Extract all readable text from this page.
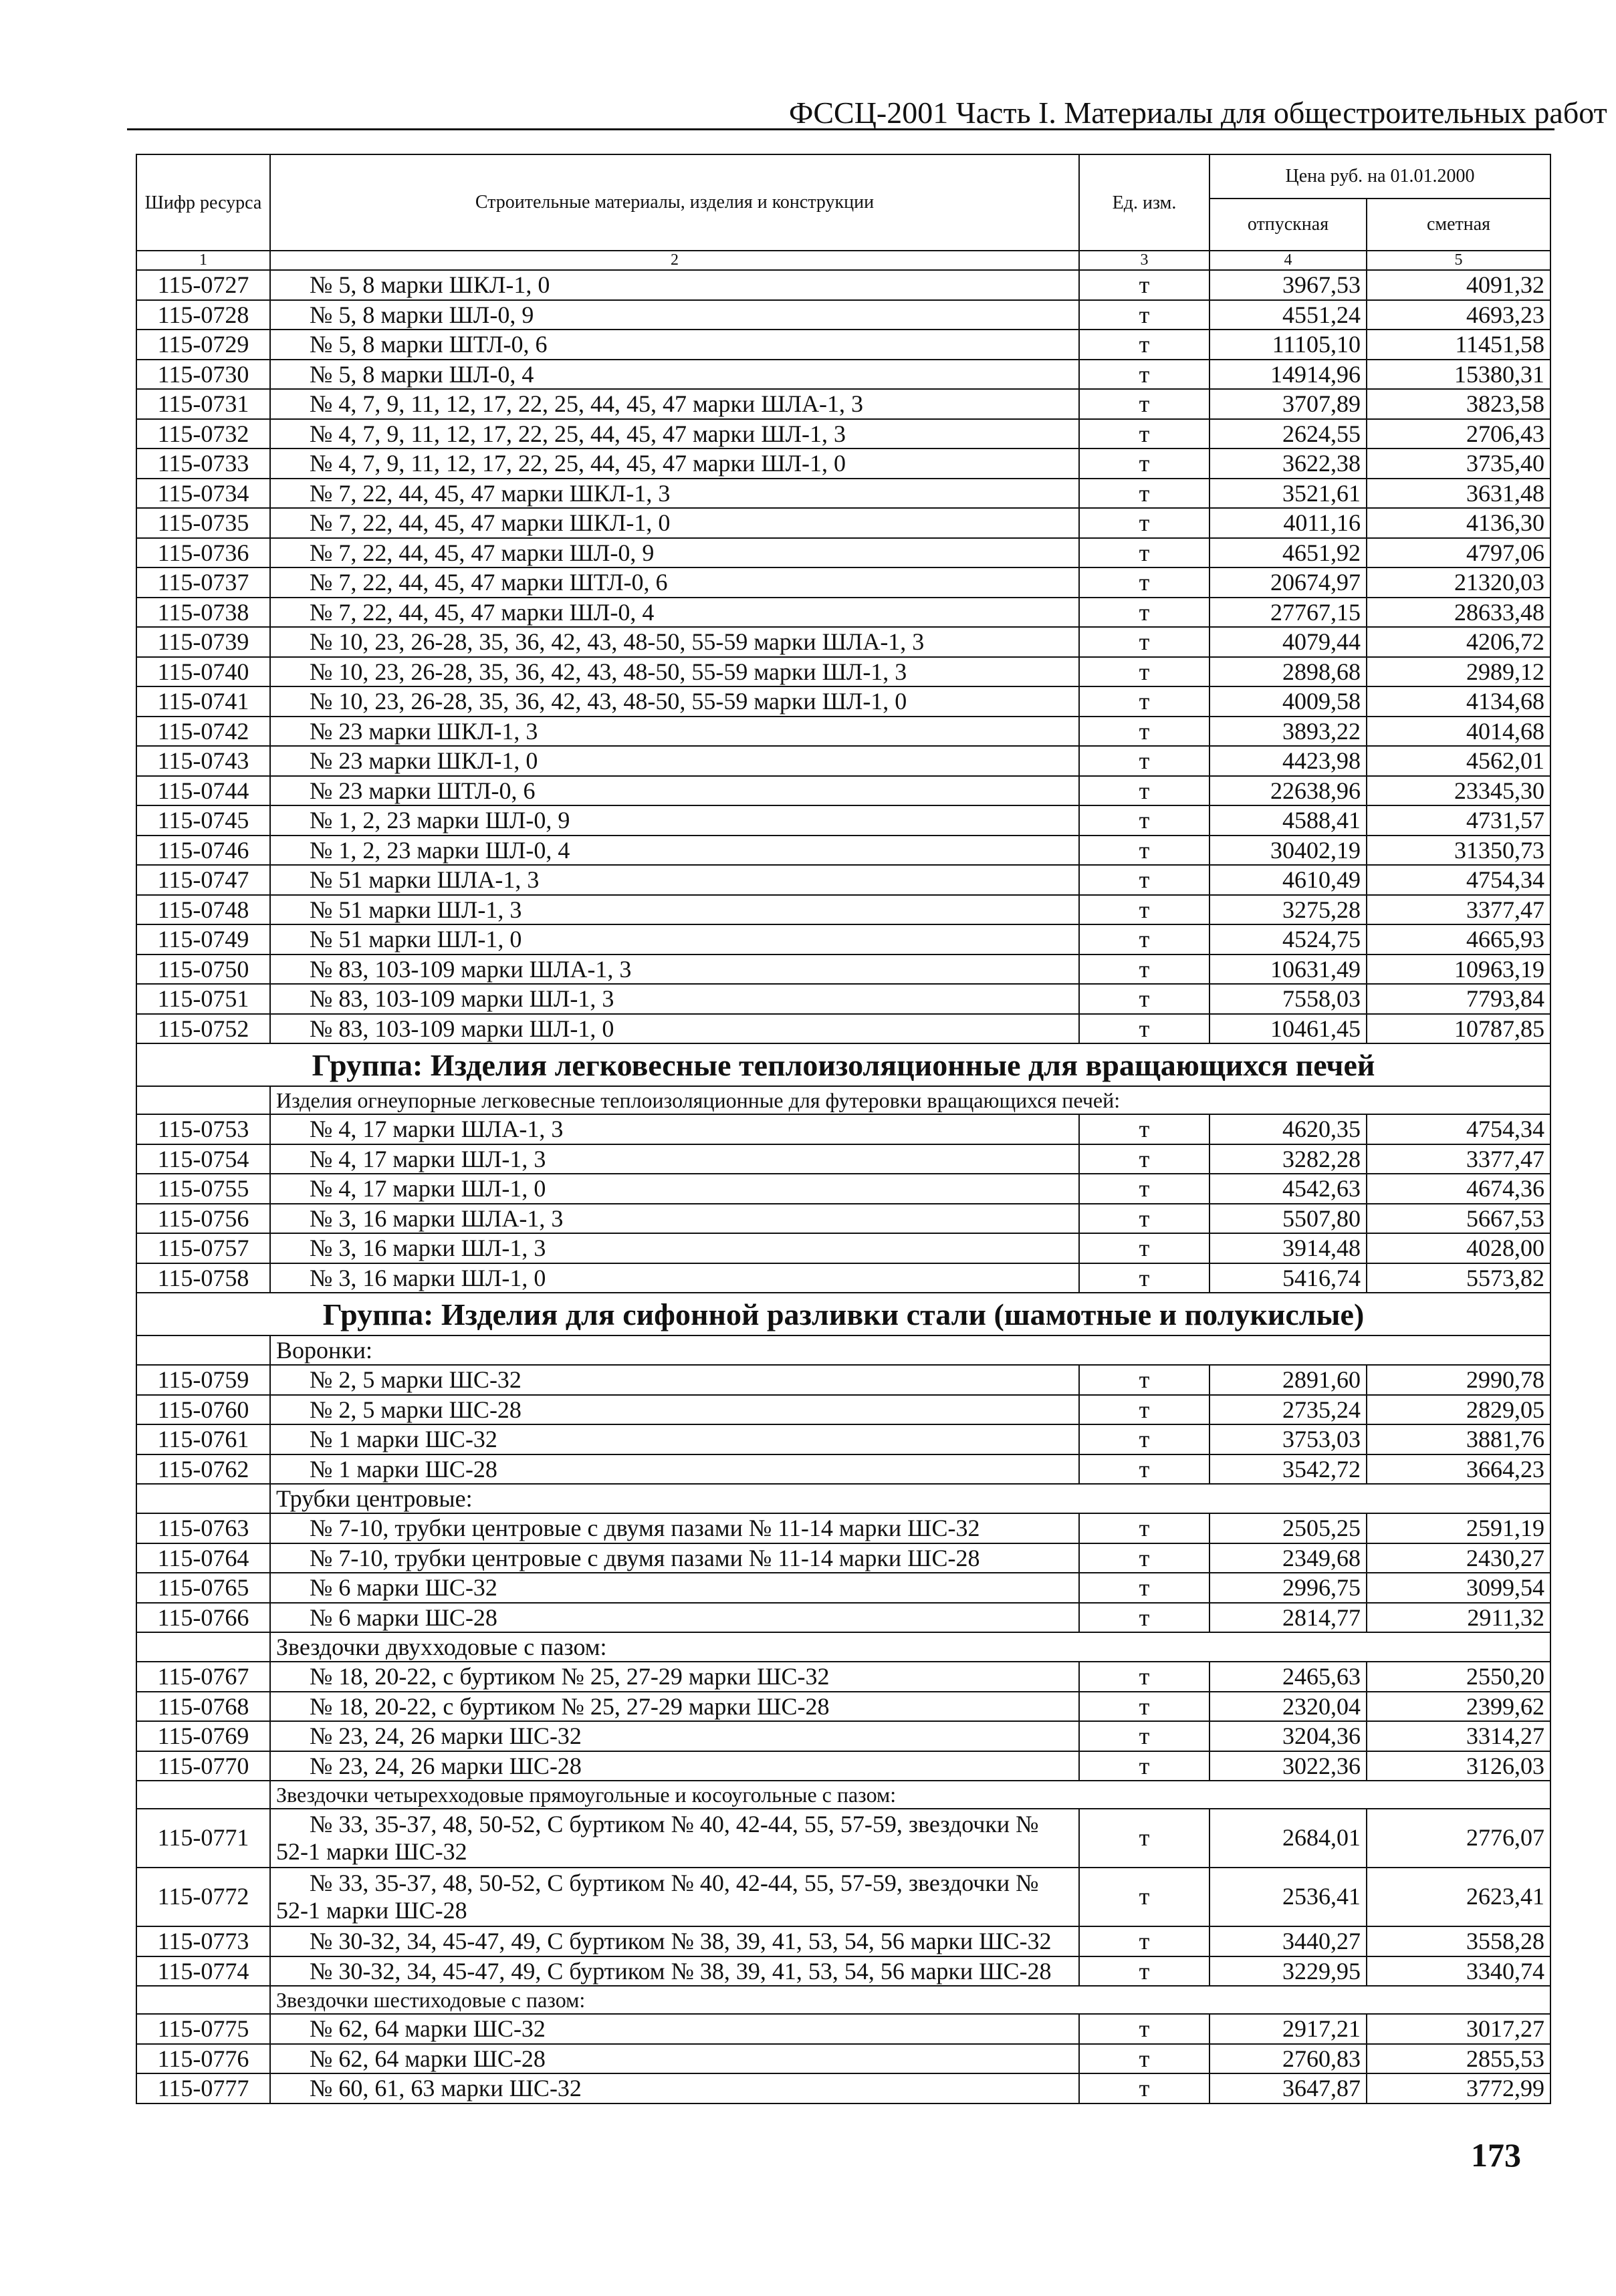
ФССЦ-2001 Часть I. Материалы для общестроительных работ
Шифр ресурса	Строительные материалы, изделия и конструкции	Ед. изм.	Цена руб. на 01.01.2000	
			отпускная	сметная
1	2	3	4	5
115-0727	№ 5, 8 марки ШКЛ-1, 0	т	3967,53	4091,32
115-0728	№ 5, 8 марки ШЛ-0, 9	т	4551,24	4693,23
115-0729	№ 5, 8 марки ШТЛ-0, 6	т	11105,10	11451,58
115-0730	№ 5, 8 марки ШЛ-0, 4	т	14914,96	15380,31
115-0731	№ 4, 7, 9, 11, 12, 17, 22, 25, 44, 45, 47 марки ШЛА-1, 3	т	3707,89	3823,58
115-0732	№ 4, 7, 9, 11, 12, 17, 22, 25, 44, 45, 47 марки ШЛ-1, 3	т	2624,55	2706,43
115-0733	№ 4, 7, 9, 11, 12, 17, 22, 25, 44, 45, 47 марки ШЛ-1, 0	т	3622,38	3735,40
115-0734	№ 7, 22, 44, 45, 47 марки ШКЛ-1, 3	т	3521,61	3631,48
115-0735	№ 7, 22, 44, 45, 47 марки ШКЛ-1, 0	т	4011,16	4136,30
115-0736	№ 7, 22, 44, 45, 47 марки ШЛ-0, 9	т	4651,92	4797,06
115-0737	№ 7, 22, 44, 45, 47 марки ШТЛ-0, 6	т	20674,97	21320,03
115-0738	№ 7, 22, 44, 45, 47 марки ШЛ-0, 4	т	27767,15	28633,48
115-0739	№ 10, 23, 26-28, 35, 36, 42, 43, 48-50, 55-59 марки ШЛА-1, 3	т	4079,44	4206,72
115-0740	№ 10, 23, 26-28, 35, 36, 42, 43, 48-50, 55-59 марки ШЛ-1, 3	т	2898,68	2989,12
115-0741	№ 10, 23, 26-28, 35, 36, 42, 43, 48-50, 55-59 марки ШЛ-1, 0	т	4009,58	4134,68
115-0742	№ 23 марки ШКЛ-1, 3	т	3893,22	4014,68
115-0743	№ 23 марки ШКЛ-1, 0	т	4423,98	4562,01
115-0744	№ 23 марки ШТЛ-0, 6	т	22638,96	23345,30
115-0745	№ 1, 2, 23 марки ШЛ-0, 9	т	4588,41	4731,57
115-0746	№ 1, 2, 23 марки ШЛ-0, 4	т	30402,19	31350,73
115-0747	№ 51 марки ШЛА-1, 3	т	4610,49	4754,34
115-0748	№ 51 марки ШЛ-1, 3	т	3275,28	3377,47
115-0749	№ 51 марки ШЛ-1, 0	т	4524,75	4665,93
115-0750	№ 83, 103-109 марки ШЛА-1, 3	т	10631,49	10963,19
115-0751	№ 83, 103-109 марки ШЛ-1, 3	т	7558,03	7793,84
115-0752	№ 83, 103-109 марки ШЛ-1, 0	т	10461,45	10787,85
Группа: Изделия легковесные теплоизоляционные для вращающихся печей				
	Изделия огнеупорные легковесные теплоизоляционные для футеровки вращающихся печей:			
115-0753	№ 4, 17 марки ШЛА-1, 3	т	4620,35	4754,34
115-0754	№ 4, 17 марки ШЛ-1, 3	т	3282,28	3377,47
115-0755	№ 4, 17 марки ШЛ-1, 0	т	4542,63	4674,36
115-0756	№ 3, 16 марки ШЛА-1, 3	т	5507,80	5667,53
115-0757	№ 3, 16 марки ШЛ-1, 3	т	3914,48	4028,00
115-0758	№ 3, 16 марки ШЛ-1, 0	т	5416,74	5573,82
Группа: Изделия для сифонной разливки стали (шамотные и полукислые)				
	Воронки:			
115-0759	№ 2, 5 марки ШС-32	т	2891,60	2990,78
115-0760	№ 2, 5 марки ШС-28	т	2735,24	2829,05
115-0761	№ 1 марки ШС-32	т	3753,03	3881,76
115-0762	№ 1 марки ШС-28	т	3542,72	3664,23
	Трубки центровые:			
115-0763	№ 7-10, трубки центровые с двумя пазами № 11-14 марки ШС-32	т	2505,25	2591,19
115-0764	№ 7-10, трубки центровые с двумя пазами № 11-14 марки ШС-28	т	2349,68	2430,27
115-0765	№ 6 марки ШС-32	т	2996,75	3099,54
115-0766	№ 6 марки ШС-28	т	2814,77	2911,32
	Звездочки двухходовые с пазом:			
115-0767	№ 18, 20-22, с буртиком № 25, 27-29 марки ШС-32	т	2465,63	2550,20
115-0768	№ 18, 20-22, с буртиком № 25, 27-29 марки ШС-28	т	2320,04	2399,62
115-0769	№ 23, 24, 26 марки ШС-32	т	3204,36	3314,27
115-0770	№ 23, 24, 26 марки ШС-28	т	3022,36	3126,03
	Звездочки четырехходовые прямоугольные и косоугольные с пазом:			
115-0771	№ 33, 35-37, 48, 50-52, С буртиком № 40, 42-44, 55, 57-59, звездочки №
52-1 марки ШС-32	т	2684,01	2776,07
115-0772	№ 33, 35-37, 48, 50-52, С буртиком № 40, 42-44, 55, 57-59, звездочки №
52-1 марки ШС-28	т	2536,41	2623,41
115-0773	№ 30-32, 34, 45-47, 49, С буртиком № 38, 39, 41, 53, 54, 56 марки ШС-32	т	3440,27	3558,28
115-0774	№ 30-32, 34, 45-47, 49, С буртиком № 38, 39, 41, 53, 54, 56 марки ШС-28	т	3229,95	3340,74
	Звездочки шестиходовые с пазом:			
115-0775	№ 62, 64 марки ШС-32	т	2917,21	3017,27
115-0776	№ 62, 64 марки ШС-28	т	2760,83	2855,53
115-0777	№ 60, 61, 63 марки ШС-32	т	3647,87	3772,99
173
